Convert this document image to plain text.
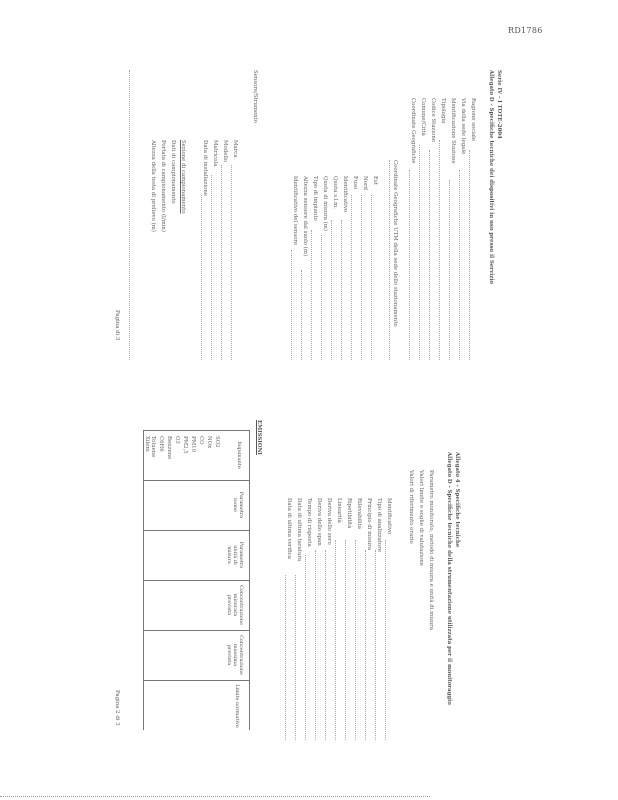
RD1786
Serie IV - I TOTE-2004
Allegato D - Specifiche tecniche dei dispositivi in uso presso il Servizio
Ragione sociale
Via della sede legale
Identificazione Stazione
Tipologia
Codice Stazione
Comune/Città
Coordinate Geografiche
Coordinate Geografiche UTM della sede dello stazionamento
Est
Nord
Fuso
Identificativo
Quota s.l.m.
Quota di misura (m)
Tipo di impianto
Altezza sensore dal suolo (m)
Identificativo del sensore
Sensore/Strumento
Marca
Modello
Matricola
Data di installazione
Sezione di campionamento
Dati di campionamento
Portata di campionamento (l/min)
Altezza della testa di prelievo (m)
Pagina di 3
Allegato 4 - Specifiche tecniche
Allegato D - Specifiche tecniche della strumentazione utilizzata per il monitoraggio
Parametro monitorato, metodo di misura e unità di misura
Valori limite e soglie di valutazione
Valori di riferimento orario
Identificativo
Tipo di analizzatore
Principio di misura
Rilevabilità
Ripetibilità
Linearità
Deriva dello zero
Deriva dello span
Tempo di risposta
Data di ultima taratura
Data di ultima verifica
EMISSIONI
Inquinante
Parametro
nome
Parametro
unità di
misura
Concentrazione
misurata
prevista
Concentrazione
massima
prevista
Limite normativo
SO2
NOx
CO
PM10
PM2,5
O3
Benzene
C6H6
Toluene
Xileni
Pagina 2 di 3
